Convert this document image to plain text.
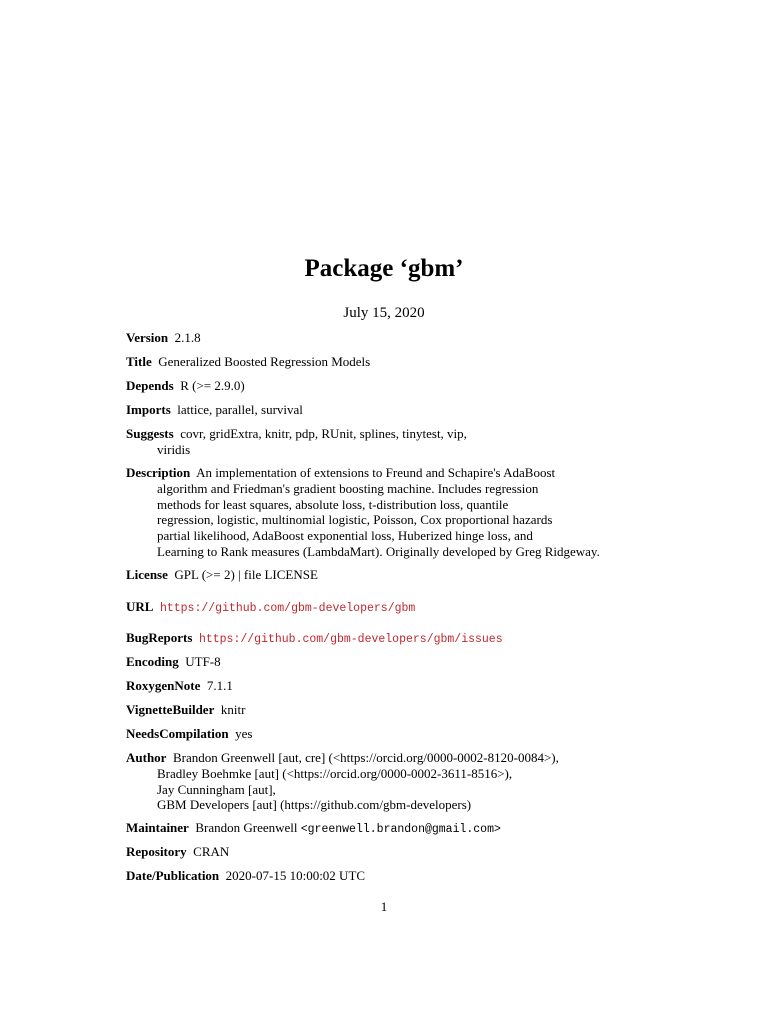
Package ‘gbm’
July 15, 2020
Version 2.1.8
Title Generalized Boosted Regression Models
Depends R (>= 2.9.0)
Imports lattice, parallel, survival
Suggests covr, gridExtra, knitr, pdp, RUnit, splines, tinytest, vip,
viridis
Description An implementation of extensions to Freund and Schapire's AdaBoost
algorithm and Friedman's gradient boosting machine. Includes regression
methods for least squares, absolute loss, t-distribution loss, quantile
regression, logistic, multinomial logistic, Poisson, Cox proportional hazards
partial likelihood, AdaBoost exponential loss, Huberized hinge loss, and
Learning to Rank measures (LambdaMart). Originally developed by Greg Ridgeway.
License GPL (>= 2) | file LICENSE
URL https://github.com/gbm-developers/gbm
BugReports https://github.com/gbm-developers/gbm/issues
Encoding UTF-8
RoxygenNote 7.1.1
VignetteBuilder knitr
NeedsCompilation yes
Author Brandon Greenwell [aut, cre] (<https://orcid.org/0000-0002-8120-0084>),
Bradley Boehmke [aut] (<https://orcid.org/0000-0002-3611-8516>),
Jay Cunningham [aut],
GBM Developers [aut] (https://github.com/gbm-developers)
Maintainer Brandon Greenwell <greenwell.brandon@gmail.com>
Repository CRAN
Date/Publication 2020-07-15 10:00:02 UTC
1
